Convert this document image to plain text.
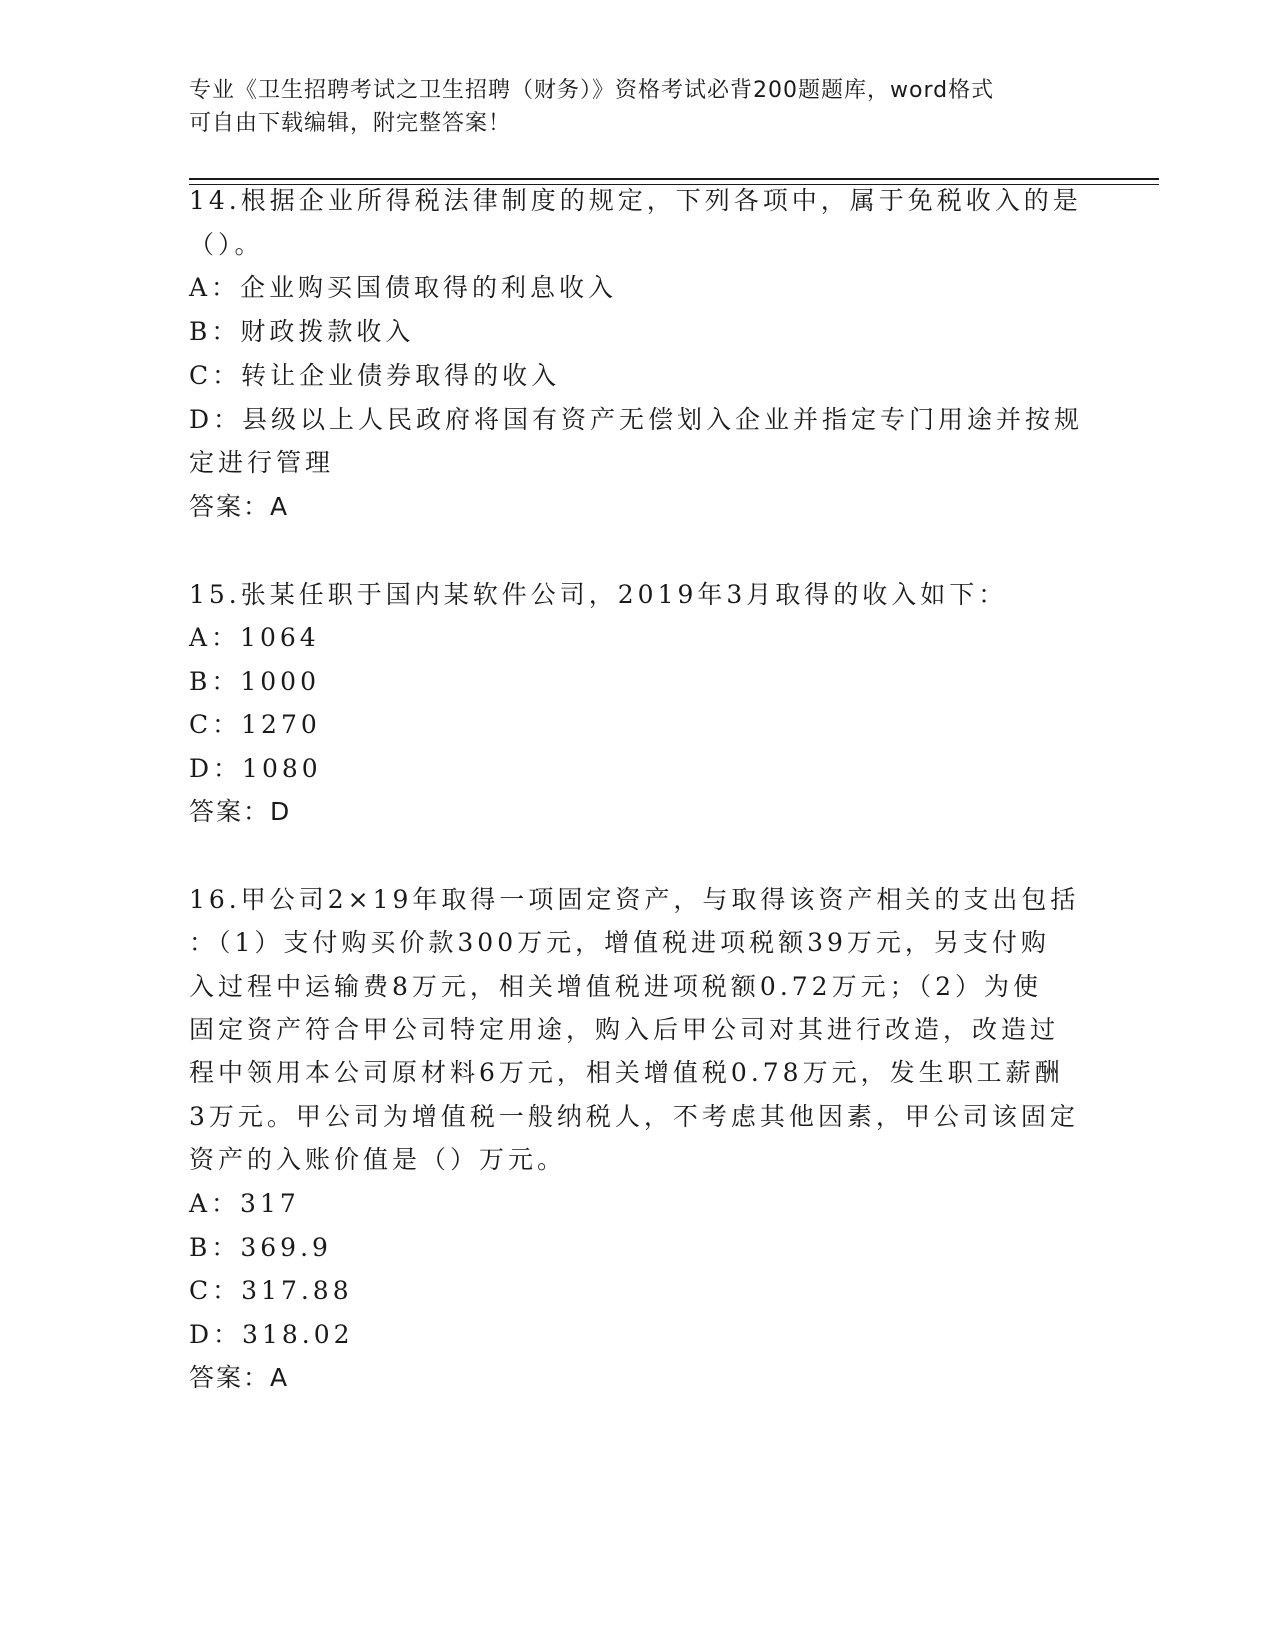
专业《卫生招聘考试之卫生招聘（财务）》资格考试必背200题题库，word格式
可自由下载编辑，附完整答案！
14.根据企业所得税法律制度的规定，下列各项中，属于免税收入的是
（）。
A：企业购买国债取得的利息收入
B：财政拨款收入
C：转让企业债券取得的收入
D：县级以上人民政府将国有资产无偿划入企业并指定专门用途并按规
定进行管理
答案：A
15.张某任职于国内某软件公司，2019年3月取得的收入如下：
A：1064
B：1000
C：1270
D：1080
答案：D
16.甲公司2×19年取得一项固定资产，与取得该资产相关的支出包括
：（1）支付购买价款300万元，增值税进项税额39万元，另支付购
入过程中运输费8万元，相关增值税进项税额0.72万元；（2）为使
固定资产符合甲公司特定用途，购入后甲公司对其进行改造，改造过
程中领用本公司原材料6万元，相关增值税0.78万元，发生职工薪酬
3万元。甲公司为增值税一般纳税人，不考虑其他因素，甲公司该固定
资产的入账价值是（）万元。
A：317
B：369.9
C：317.88
D：318.02
答案：A
